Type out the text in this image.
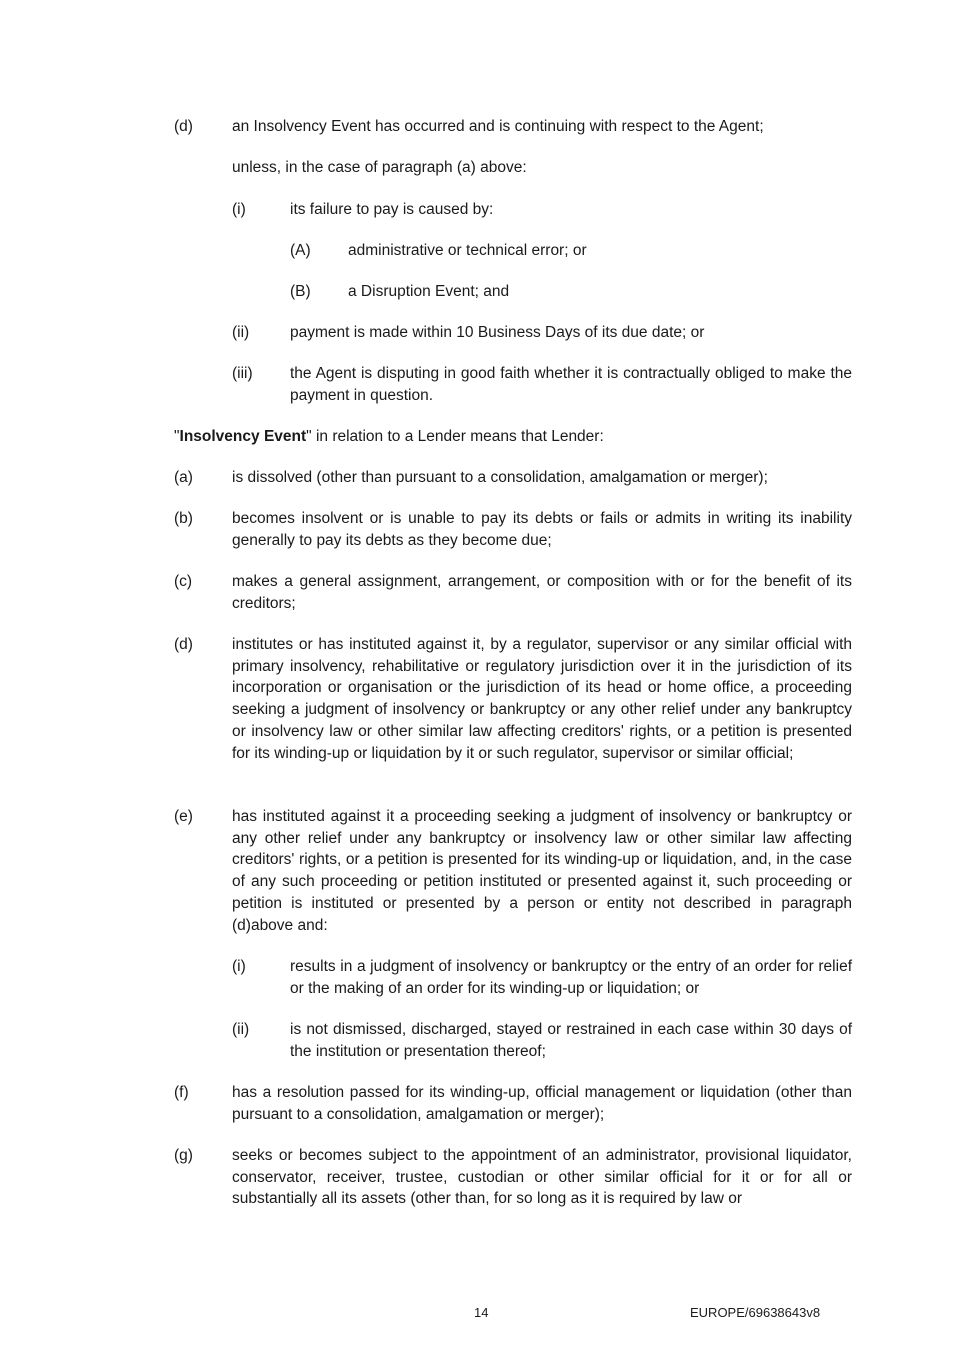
(d)	an Insolvency Event has occurred and is continuing with respect to the Agent;
unless, in the case of paragraph (a) above:
(i)	its failure to pay is caused by:
(A) administrative or technical error; or
(B) a Disruption Event; and
(ii)	payment is made within 10 Business Days of its due date; or
(iii) the Agent is disputing in good faith whether it is contractually obliged to make the payment in question.
"Insolvency Event" in relation to a Lender means that Lender:
(a)	is dissolved (other than pursuant to a consolidation, amalgamation or merger);
(b)	becomes insolvent or is unable to pay its debts or fails or admits in writing its inability generally to pay its debts as they become due;
(c)	makes a general assignment, arrangement, or composition with or for the benefit of its creditors;
(d)	institutes or has instituted against it, by a regulator, supervisor or any similar official with primary insolvency, rehabilitative or regulatory jurisdiction over it in the jurisdiction of its incorporation or organisation or the jurisdiction of its head or home office, a proceeding seeking a judgment of insolvency or bankruptcy or any other relief under any bankruptcy or insolvency law or other similar law affecting creditors' rights, or a petition is presented for its winding-up or liquidation by it or such regulator, supervisor or similar official;
(e)	has instituted against it a proceeding seeking a judgment of insolvency or bankruptcy or any other relief under any bankruptcy or insolvency law or other similar law affecting creditors' rights, or a petition is presented for its winding-up or liquidation, and, in the case of any such proceeding or petition instituted or presented against it, such proceeding or petition is instituted or presented by a person or entity not described in paragraph (d)above and:
(i)	results in a judgment of insolvency or bankruptcy or the entry of an order for relief or the making of an order for its winding-up or liquidation; or
(ii)	is not dismissed, discharged, stayed or restrained in each case within 30 days of the institution or presentation thereof;
(f)	has a resolution passed for its winding-up, official management or liquidation (other than pursuant to a consolidation, amalgamation or merger);
(g)	seeks or becomes subject to the appointment of an administrator, provisional liquidator, conservator, receiver, trustee, custodian or other similar official for it or for all or substantially all its assets (other than, for so long as it is required by law or
14	EUROPE/69638643v8
